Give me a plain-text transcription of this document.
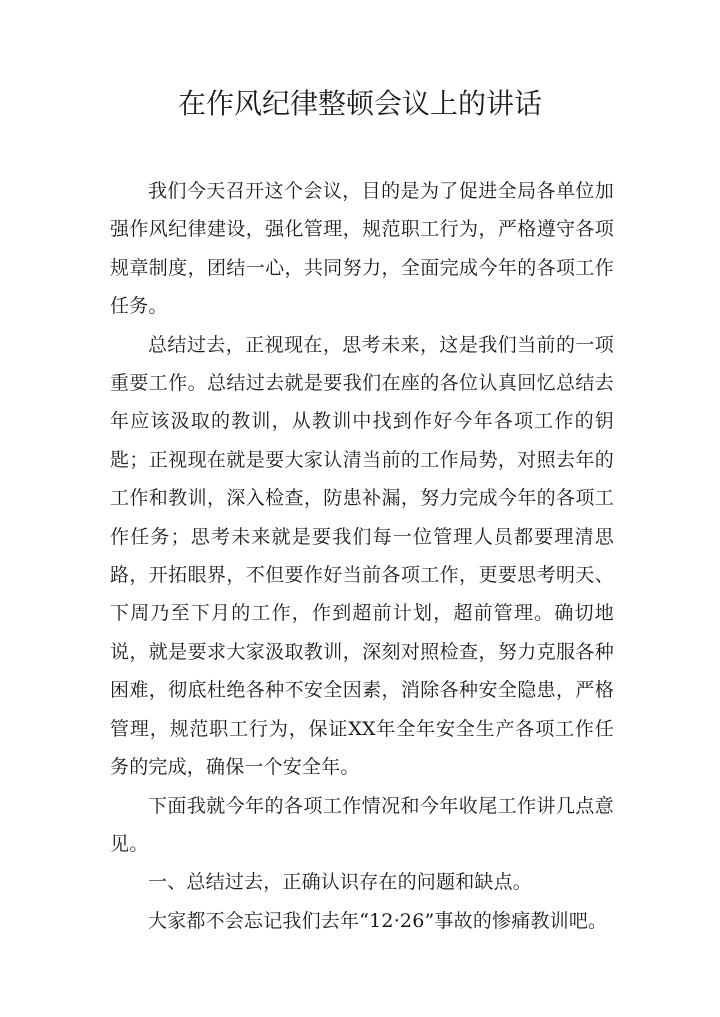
在作风纪律整顿会议上的讲话

我们今天召开这个会议，目的是为了促进全局各单位加强作风纪律建设，强化管理，规范职工行为，严格遵守各项规章制度，团结一心，共同努力，全面完成今年的各项工作任务。

总结过去，正视现在，思考未来，这是我们当前的一项重要工作。总结过去就是要我们在座的各位认真回忆总结去年应该汲取的教训，从教训中找到作好今年各项工作的钥匙；正视现在就是要大家认清当前的工作局势，对照去年的工作和教训，深入检查，防患补漏，努力完成今年的各项工作任务；思考未来就是要我们每一位管理人员都要理清思路，开拓眼界，不但要作好当前各项工作，更要思考明天、下周乃至下月的工作，作到超前计划，超前管理。确切地说，就是要求大家汲取教训，深刻对照检查，努力克服各种困难，彻底杜绝各种不安全因素，消除各种安全隐患，严格管理，规范职工行为，保证XX年全年安全生产各项工作任务的完成，确保一个安全年。

下面我就今年的各项工作情况和今年收尾工作讲几点意见。

一、总结过去，正确认识存在的问题和缺点。

大家都不会忘记我们去年“12·26”事故的惨痛教训吧。
